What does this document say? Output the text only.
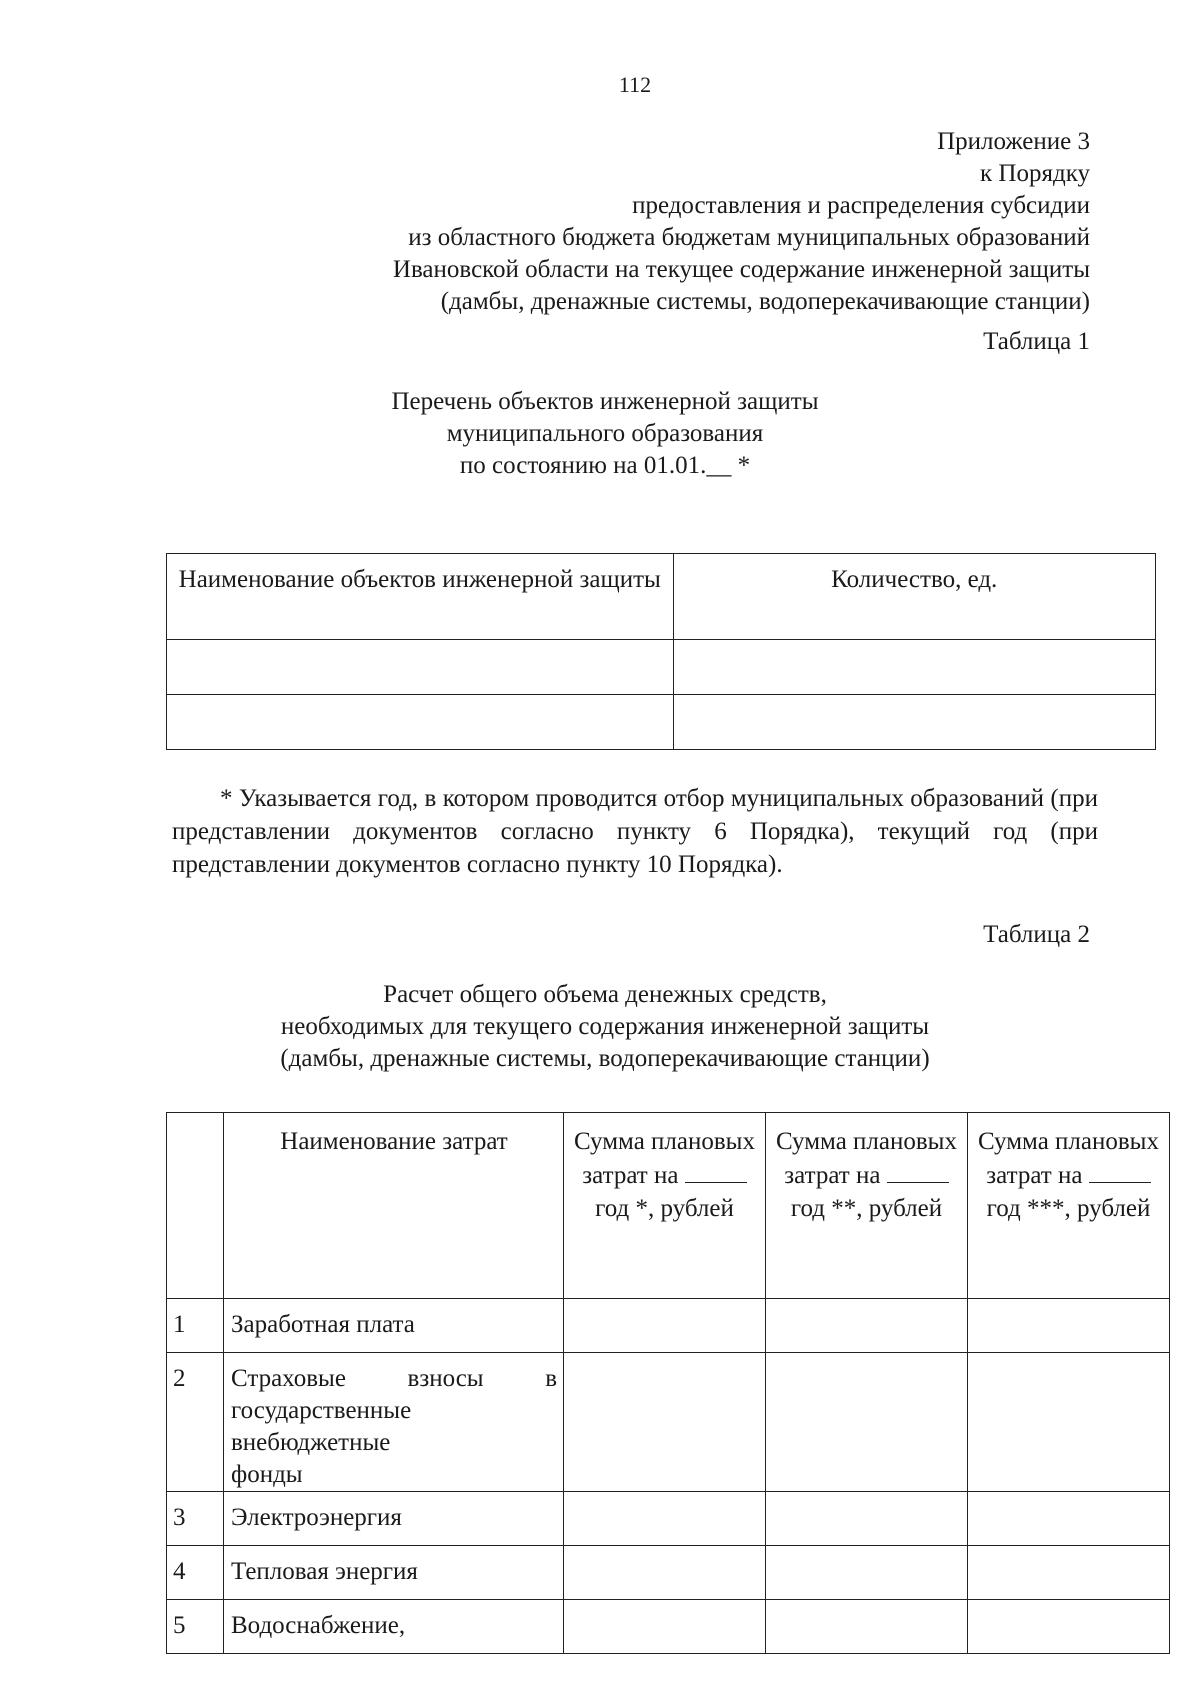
112
Приложение 3
к Порядку
предоставления и распределения субсидии
из областного бюджета бюджетам муниципальных образований
Ивановской области на текущее содержание инженерной защиты
(дамбы, дренажные системы, водоперекачивающие станции)
Таблица 1
Перечень объектов инженерной защиты
муниципального образования
по состоянию на 01.01.__ *
Наименование объектов инженерной защиты	Количество, ед.

* Указывается год, в котором проводится отбор муниципальных образований (при представлении документов согласно пункту 6 Порядка), текущий год (при представлении документов согласно пункту 10 Порядка).

Таблица 2
Расчет общего объема денежных средств,
необходимых для текущего содержания инженерной защиты
(дамбы, дренажные системы, водоперекачивающие станции)
	Наименование затрат	Сумма плановых затрат на  год *, рублей	Сумма плановых затрат на  год **, рублей	Сумма плановых затрат на  год ***, рублей
1	Заработная плата			
2	Страховые взносы в
государственные внебюджетные фонды			

3	Электроэнергия			
4	Тепловая энергия			
5	Водоснабжение,			
